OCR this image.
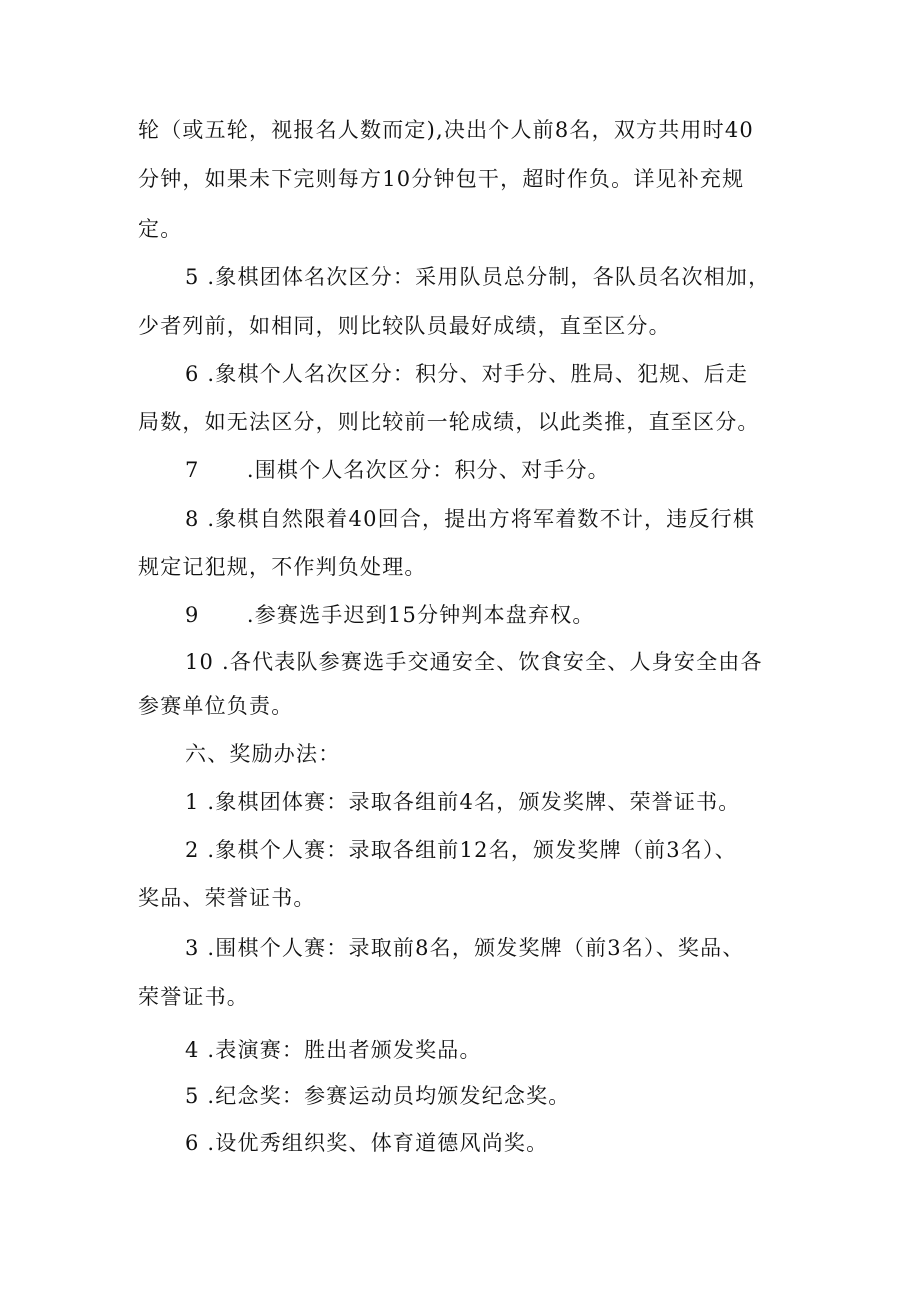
轮（或五轮，视报名人数而定),决出个人前8名，双方共用时40
分钟，如果未下完则每方10分钟包干，超时作负。详见补充规
定。
5 .象棋团体名次区分：采用队员总分制，各队员名次相加，
少者列前，如相同，则比较队员最好成绩，直至区分。
6 .象棋个人名次区分：积分、对手分、胜局、犯规、后走
局数，如无法区分，则比较前一轮成绩，以此类推，直至区分。
7      .围棋个人名次区分：积分、对手分。
8 .象棋自然限着40回合，提出方将军着数不计，违反行棋
规定记犯规，不作判负处理。
9      .参赛选手迟到15分钟判本盘弃权。
10 .各代表队参赛选手交通安全、饮食安全、人身安全由各
参赛单位负责。
六、奖励办法：
1 .象棋团体赛：录取各组前4名，颁发奖牌、荣誉证书。
2 .象棋个人赛：录取各组前12名，颁发奖牌（前3名）、
奖品、荣誉证书。
3 .围棋个人赛：录取前8名，颁发奖牌（前3名）、奖品、
荣誉证书。
4 .表演赛：胜出者颁发奖品。
5 .纪念奖：参赛运动员均颁发纪念奖。
6 .设优秀组织奖、体育道德风尚奖。
